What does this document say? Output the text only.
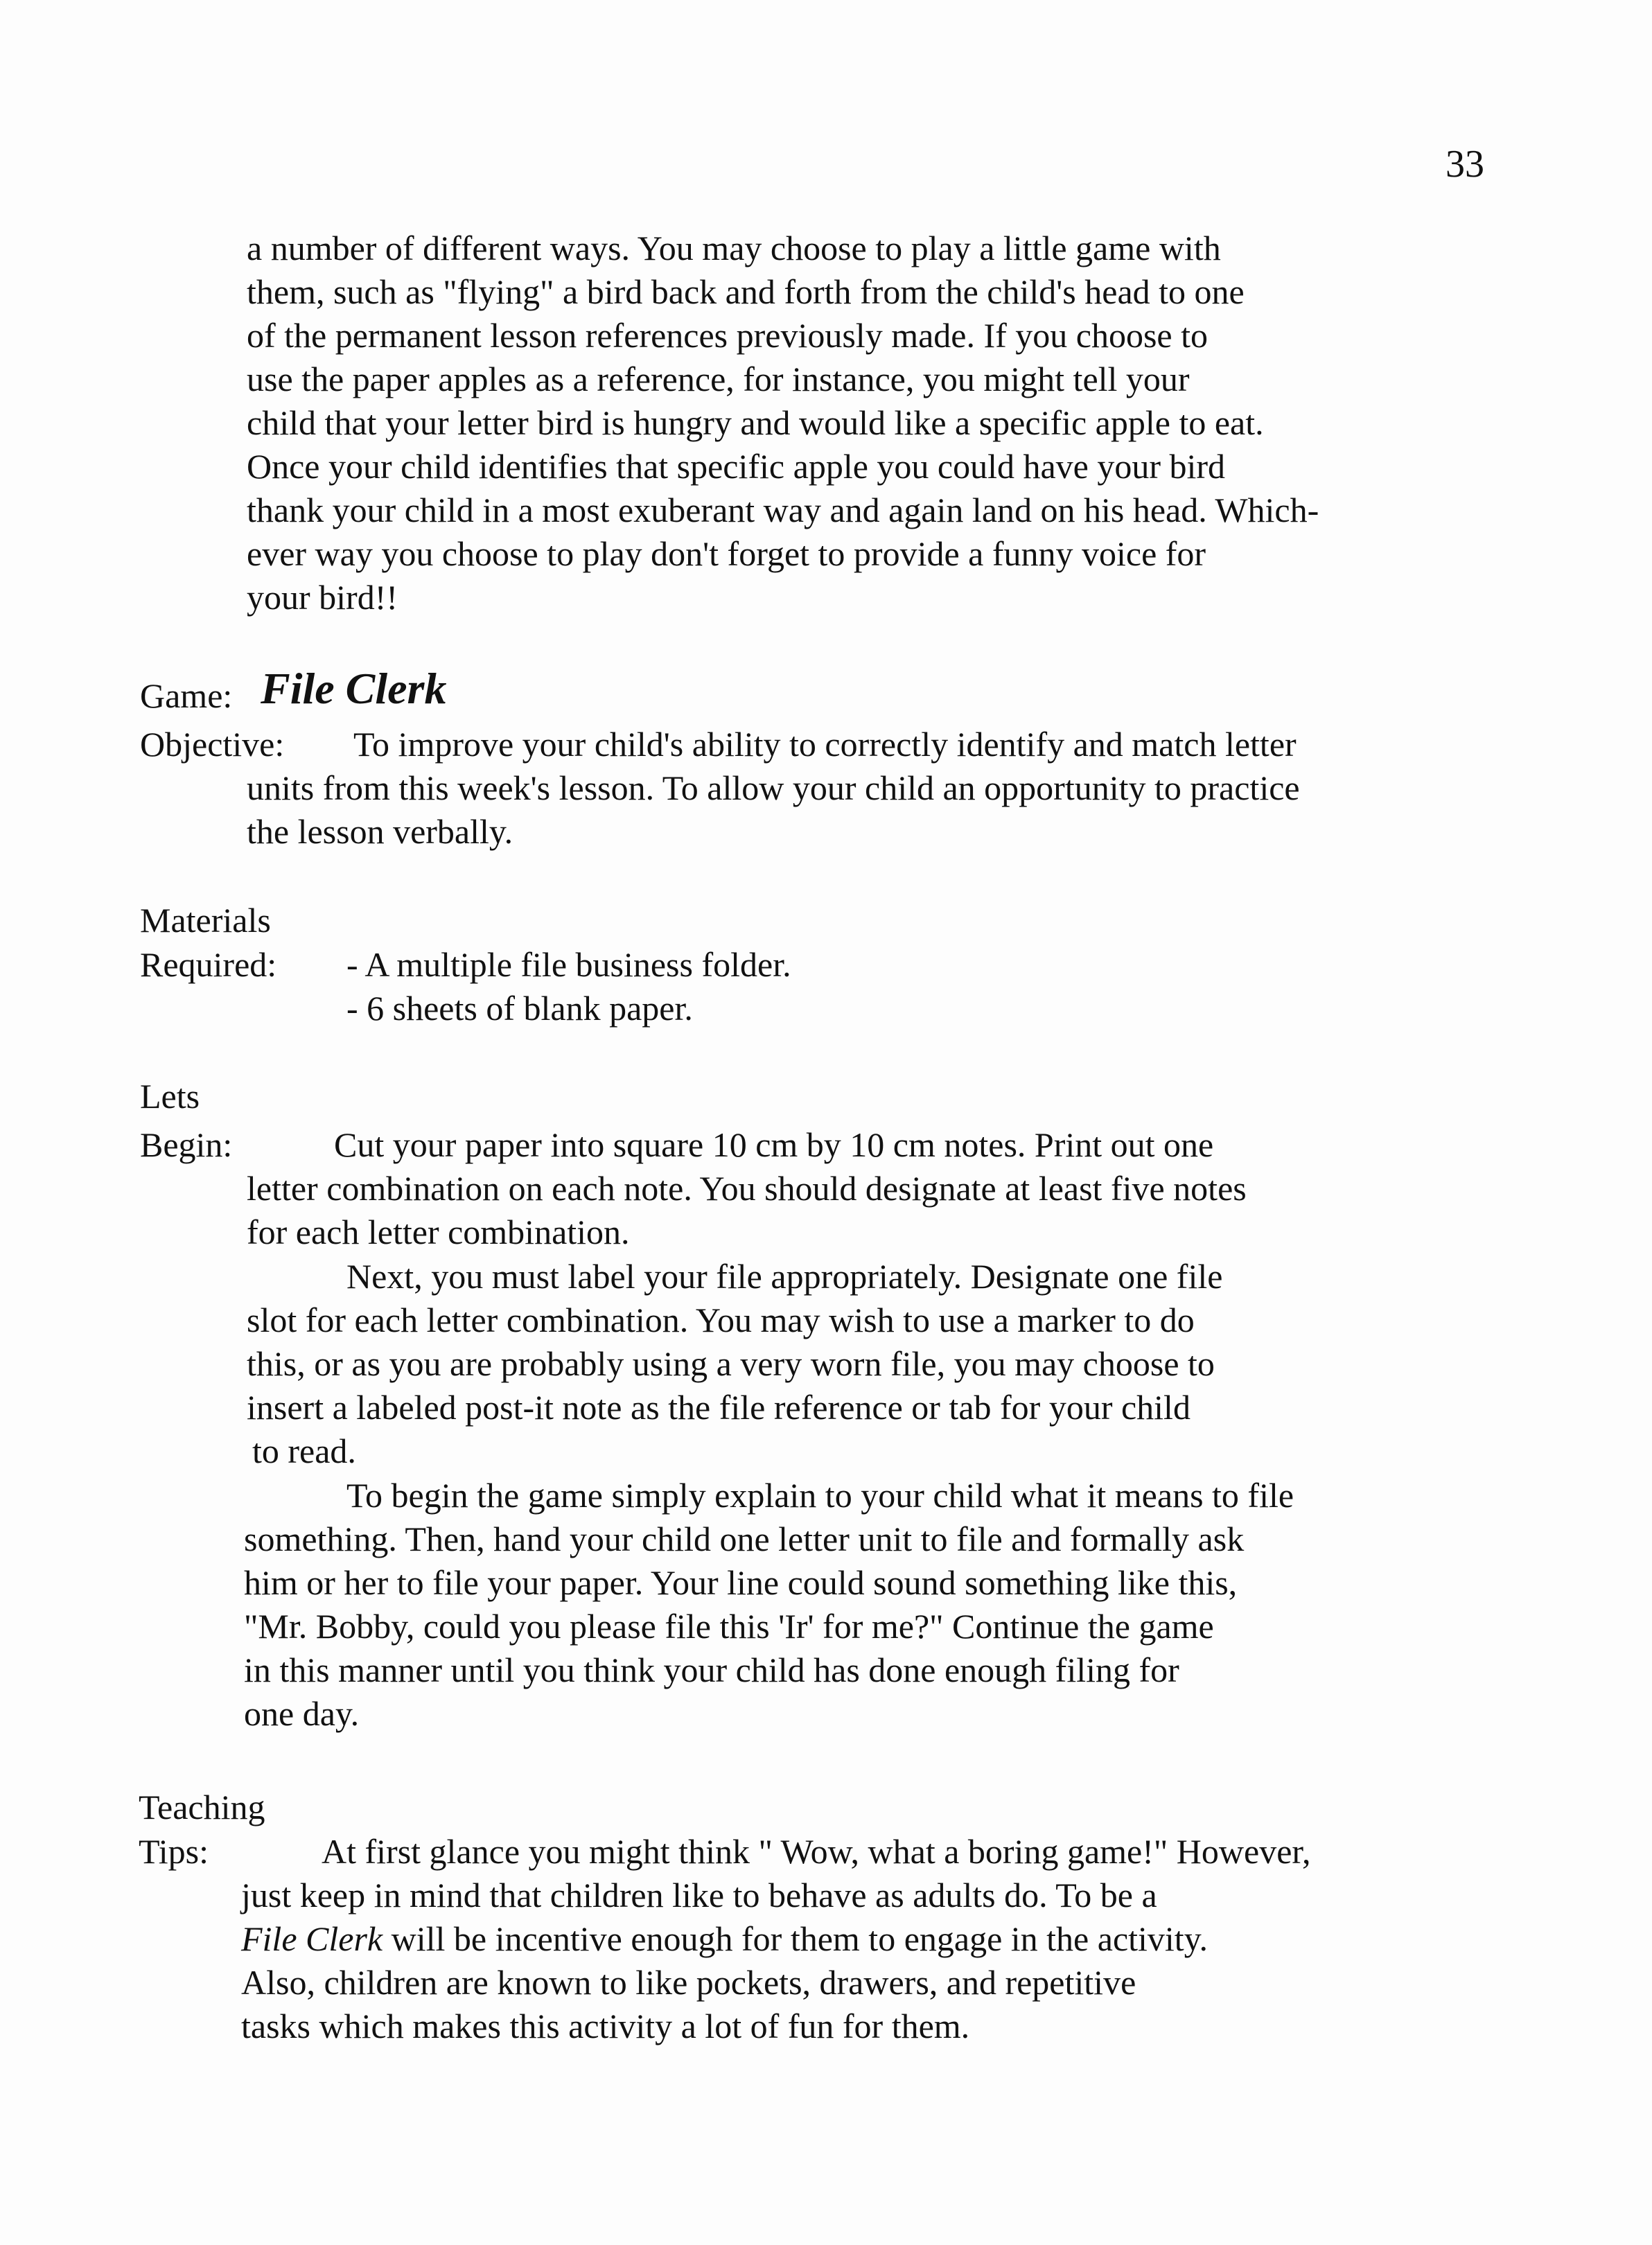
33
a number of different ways. You may choose to play a little game with
them, such as "flying" a bird back and forth from the child's head to one
of the permanent lesson references previously made. If you choose to
use the paper apples as a reference, for instance, you might tell your
child that your letter bird is hungry and would like a specific apple to eat.
Once your child identifies that specific apple you could have your bird
thank your child in a most exuberant way and again land on his head. Which-
ever way you choose to play don't forget to provide a funny voice for
your bird!!
Game: File Clerk
Objective: To improve your child's ability to correctly identify and match letter
units from this week's lesson. To allow your child an opportunity to practice
the lesson verbally.
Materials
Required: - A multiple file business folder.
- 6 sheets of blank paper.
Lets
Begin:	Cut your paper into square 10 cm by 10 cm notes. Print out one
letter combination on each note. You should designate at least five notes
for each letter combination.
Next, you must label your file appropriately. Designate one file
slot for each letter combination. You may wish to use a marker to do
this, or as you are probably using a very worn file, you may choose to
insert a labeled post-it note as the file reference or tab for your child
to read.
To begin the game simply explain to your child what it means to file
something. Then, hand your child one letter unit to file and formally ask
him or her to file your paper. Your line could sound something like this,
"Mr. Bobby, could you please file this 'Ir' for me?" Continue the game
in this manner until you think your child has done enough filing for
one day.
Teaching
Tips:	At first glance you might think " Wow, what a boring game!" However,
just keep in mind that children like to behave as adults do. To be a
File Clerk will be incentive enough for them to engage in the activity.
Also, children are known to like pockets, drawers, and repetitive
tasks which makes this activity a lot of fun for them.
